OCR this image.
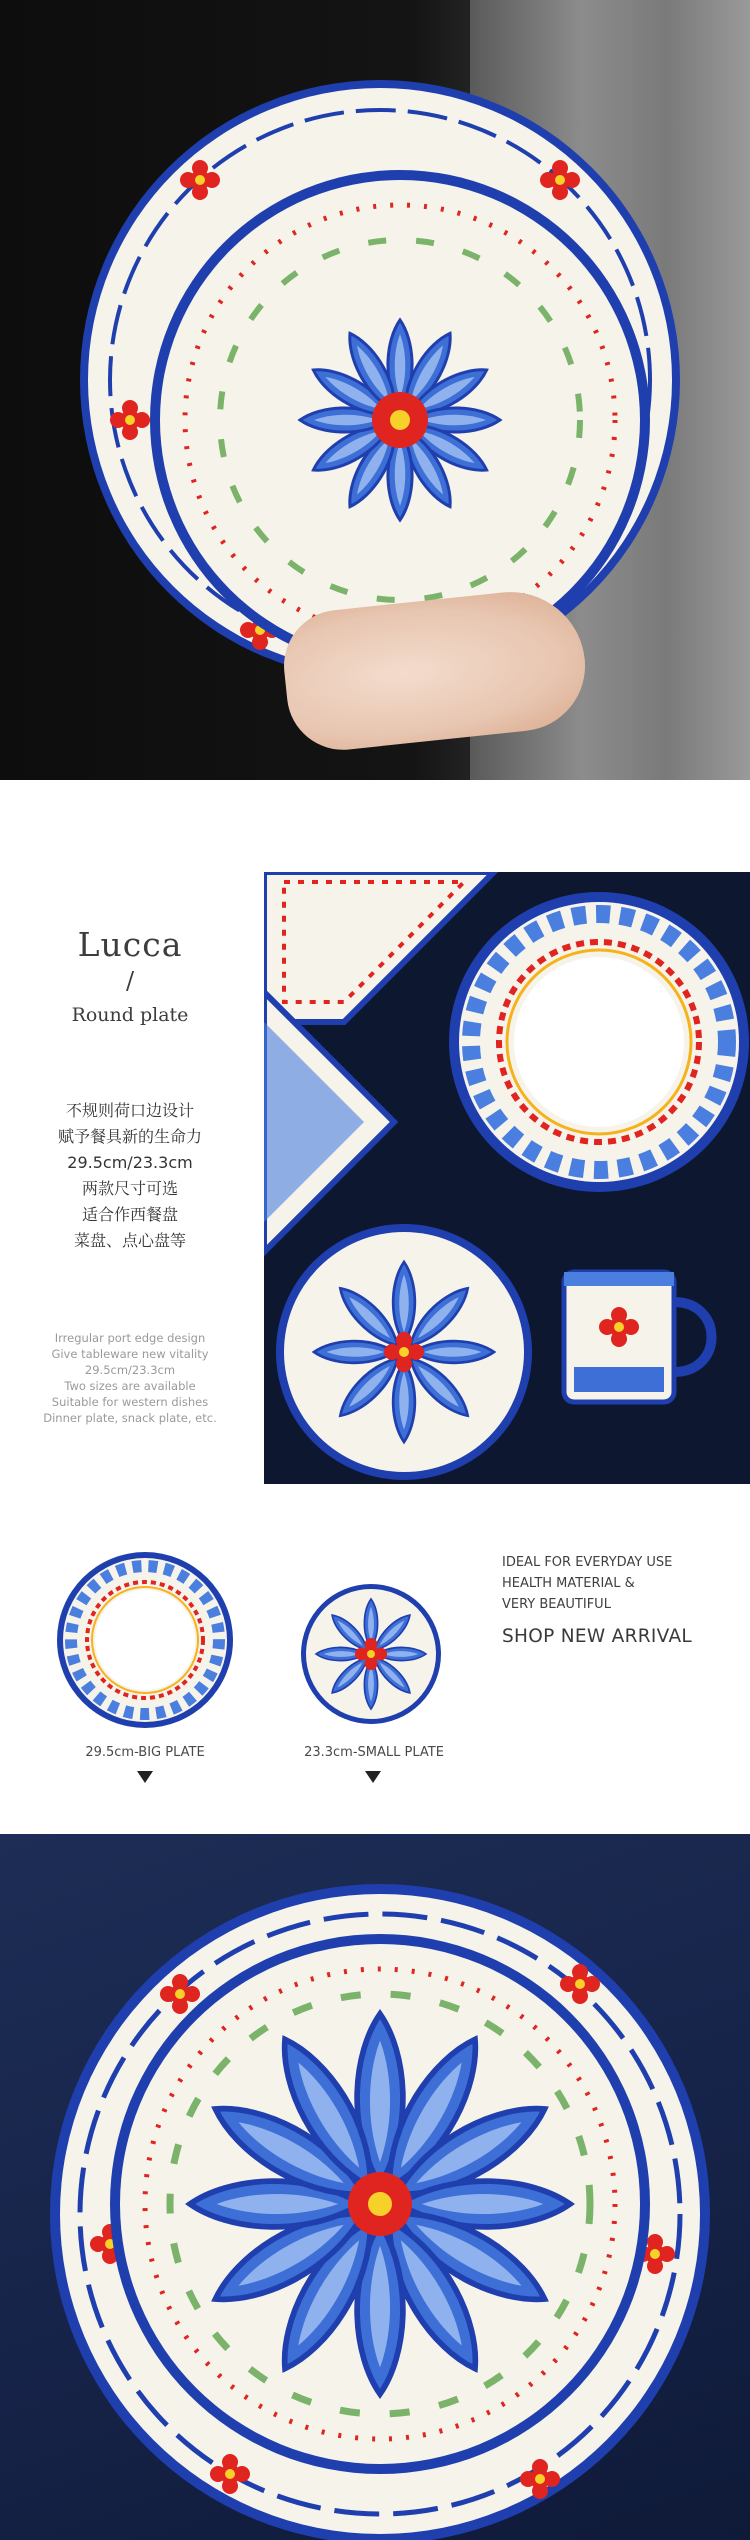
Lucca
/
Round plate
不规则荷口边设计
赋予餐具新的生命力
29.5cm/23.3cm
两款尺寸可选
适合作西餐盘
菜盘、点心盘等
Irregular port edge design
Give tableware new vitality
29.5cm/23.3cm
Two sizes are available
Suitable for western dishes
Dinner plate, snack plate, etc.
29.5cm-BIG PLATE	23.3cm-SMALL PLATE
IDEAL FOR EVERYDAY USE
HEALTH MATERIAL &
VERY BEAUTIFUL
SHOP NEW ARRIVAL
